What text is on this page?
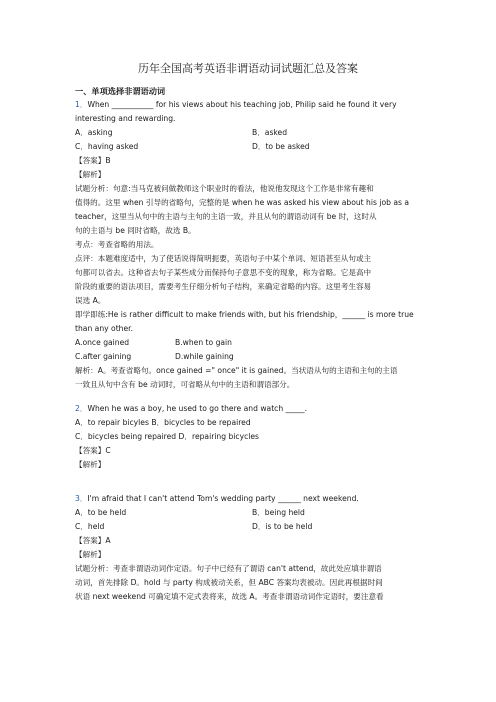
历年全国高考英语非谓语动词试题汇总及答案
一、单项选择非谓语动词
1．When ___________ for his views about his teaching job, Philip said he found it very
interesting and rewarding.
A．asking	B．asked
C．having asked	D．to be asked
【答案】B
【解析】
试题分析：句意:当马克被问做教师这个职业时的看法，他说他发现这个工作是非常有趣和
值得的。这里 when 引导的省略句，完整的是 when he was asked his view about his job as a
teacher，这里当从句中的主语与主句的主语一致，并且从句的谓语动词有 be 时，这时从
句的主语与 be 同时省略，故选 B。
考点：考查省略的用法。
点评：本题难度适中，为了使话说得简明扼要，英语句子中某个单词、短语甚至从句或主
句都可以省去。这种省去句子某些成分而保持句子意思不变的现象，称为省略。它是高中
阶段的重要的语法项目，需要考生仔细分析句子结构，来确定省略的内容。这里考生容易
误选 A。
即学即练:He is rather difficult to make friends with, but his friendship，______ is more true
than any other.
A.once gained	B.when to gain
C.after gaining	D.while gaining
解析：A。考查省略句。once gained =" once" it is gained。当状语从句的主语和主句的主语
一致且从句中含有 be 动词时，可省略从句中的主语和谓语部分。
2．When he was a boy, he used to go there and watch _____.
A．to repair bicyles B．bicycles to be repaired
C．bicycles being repaired D．repairing bicycles
【答案】C
【解析】
3．I'm afraid that I can't attend Tom's wedding party ______ next weekend.
A．to be held	B．being held
C．held	D．is to be held
【答案】A
【解析】
试题分析：考查非谓语动词作定语。句子中已经有了谓语 can't attend，故此处应填非谓语
动词，首先排除 D。hold 与 party 构成被动关系，但 ABC 答案均表被动。因此再根据时间
状语 next weekend 可确定填不定式表将来，故选 A。考查非谓语动词作定语时，要注意看
